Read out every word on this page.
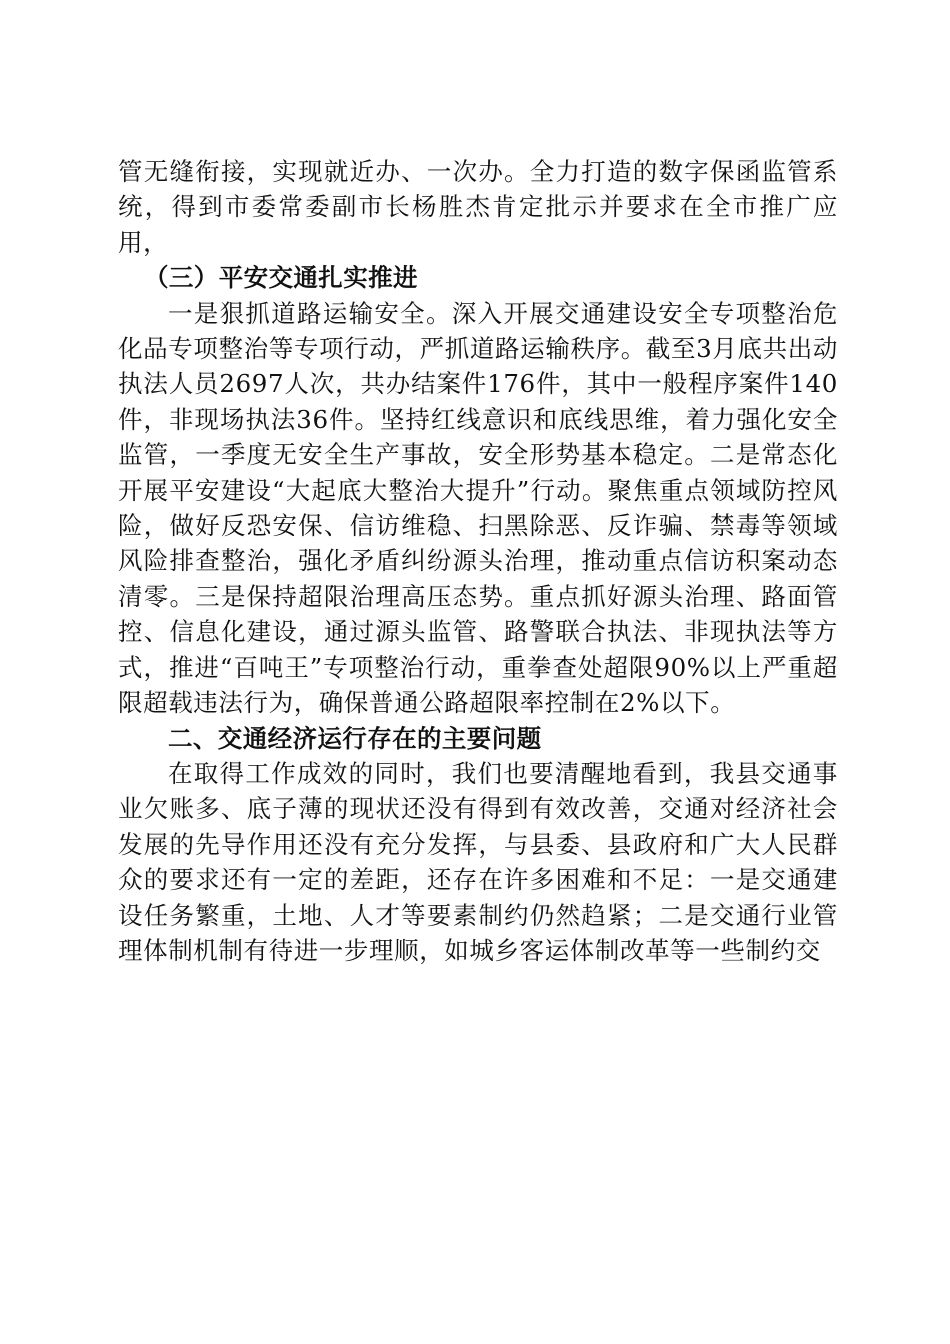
管无缝衔接，实现就近办、一次办。全力打造的数字保函监管系统，得到市委常委副市长杨胜杰肯定批示并要求在全市推广应用，

（三）平安交通扎实推进

一是狠抓道路运输安全。深入开展交通建设安全专项整治危化品专项整治等专项行动，严抓道路运输秩序。截至3月底共出动执法人员2697人次，共办结案件176件，其中一般程序案件140件，非现场执法36件。坚持红线意识和底线思维，着力强化安全监管，一季度无安全生产事故，安全形势基本稳定。二是常态化开展平安建设“大起底大整治大提升”行动。聚焦重点领域防控风险，做好反恐安保、信访维稳、扫黑除恶、反诈骗、禁毒等领域风险排查整治，强化矛盾纠纷源头治理，推动重点信访积案动态清零。三是保持超限治理高压态势。重点抓好源头治理、路面管控、信息化建设，通过源头监管、路警联合执法、非现执法等方式，推进“百吨王”专项整治行动，重拳查处超限90%以上严重超限超载违法行为，确保普通公路超限率控制在2%以下。

二、交通经济运行存在的主要问题

在取得工作成效的同时，我们也要清醒地看到，我县交通事业欠账多、底子薄的现状还没有得到有效改善，交通对经济社会发展的先导作用还没有充分发挥，与县委、县政府和广大人民群众的要求还有一定的差距，还存在许多困难和不足：一是交通建设任务繁重，土地、人才等要素制约仍然趋紧；二是交通行业管理体制机制有待进一步理顺，如城乡客运体制改革等一些制约交
